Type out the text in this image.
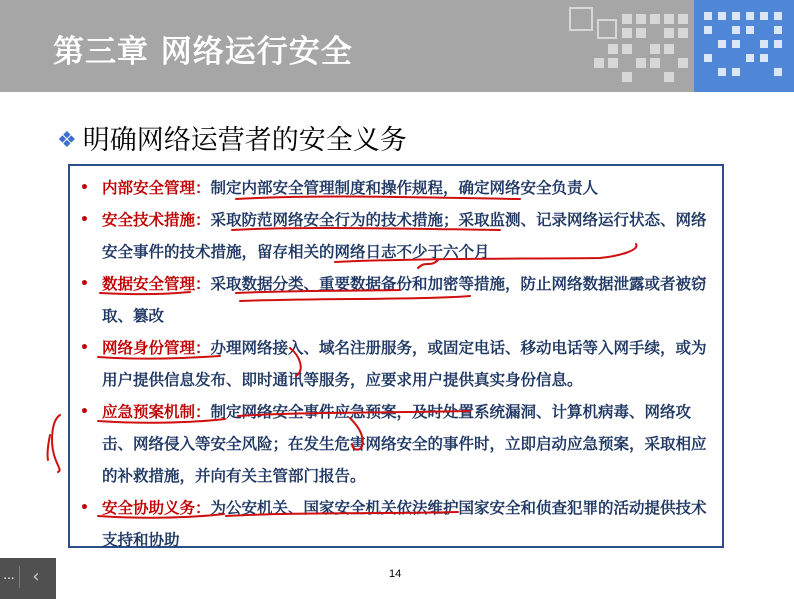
第三章 网络运行安全
❖ 明确网络运营者的安全义务
• 内部安全管理：制定内部安全管理制度和操作规程，确定网络安全负责人
• 安全技术措施：采取防范网络安全行为的技术措施；采取监测、记录网络运行状态、网络安全事件的技术措施，留存相关的网络日志不少于六个月
• 数据安全管理：采取数据分类、重要数据备份和加密等措施，防止网络数据泄露或者被窃取、篡改
• 网络身份管理：办理网络接入、域名注册服务，或固定电话、移动电话等入网手续，或为用户提供信息发布、即时通讯等服务，应要求用户提供真实身份信息。
• 应急预案机制：制定网络安全事件应急预案，及时处置系统漏洞、计算机病毒、网络攻击、网络侵入等安全风险；在发生危害网络安全的事件时，立即启动应急预案，采取相应的补救措施，并向有关主管部门报告。
• 安全协助义务：为公安机关、国家安全机关依法维护国家安全和侦查犯罪的活动提供技术支持和协助
14
... ‹
